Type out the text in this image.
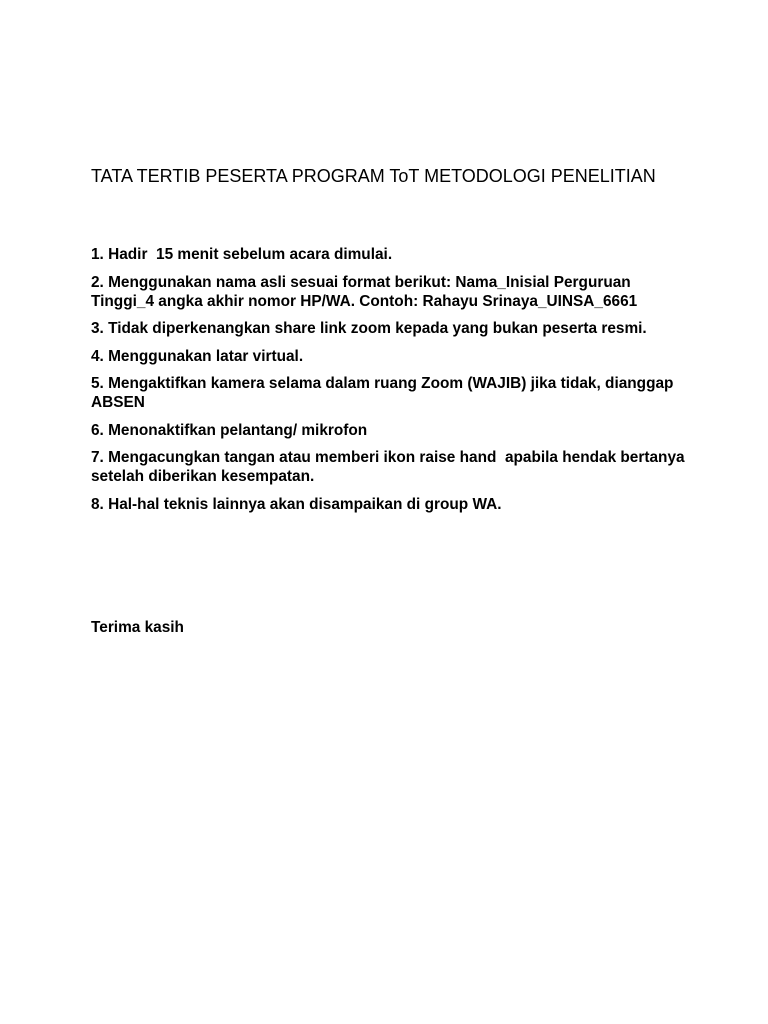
TATA TERTIB PESERTA PROGRAM ToT METODOLOGI PENELITIAN
1. Hadir  15 menit sebelum acara dimulai.
2. Menggunakan nama asli sesuai format berikut: Nama_Inisial Perguruan Tinggi_4 angka akhir nomor HP/WA. Contoh: Rahayu Srinaya_UINSA_6661
3. Tidak diperkenangkan share link zoom kepada yang bukan peserta resmi.
4. Menggunakan latar virtual.
5. Mengaktifkan kamera selama dalam ruang Zoom (WAJIB) jika tidak, dianggap ABSEN
6. Menonaktifkan pelantang/ mikrofon
7. Mengacungkan tangan atau memberi ikon raise hand  apabila hendak bertanya setelah diberikan kesempatan.
8. Hal-hal teknis lainnya akan disampaikan di group WA.

Terima kasih
